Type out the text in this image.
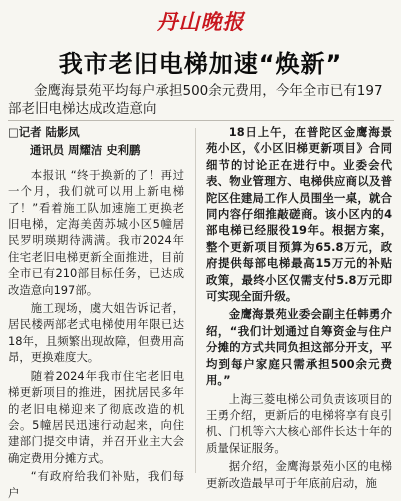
丹山晚报
我市老旧电梯加速“焕新”
金鹰海景苑平均每户承担500余元费用，今年全市已有197部老旧电梯达成改造意向

□记者 陆影凤

通讯员 周耀洁 史利鹏

本报讯 “终于换新的了！再过一个月，我们就可以用上新电梯了！”看着施工队加速施工更换老旧电梯，定海美茵苏城小区5幢居民罗明瑛期待满满。我市2024年住宅老旧电梯更新全面推进，目前全市已有210部目标任务，已达成改造意向197部。

施工现场，虞大姐告诉记者，居民楼两部老式电梯使用年限已达18年，且频繁出现故障，但费用高昂，更换难度大。

随着2024年我市住宅老旧电梯更新项目的推进，困扰居民多年的老旧电梯迎来了彻底改造的机会。5幢居民迅速行动起来，向住建部门提交申请，并召开业主大会确定费用分摊方式。

“有政府给我们补贴，我们每户

18日上午，在普陀区金鹰海景苑小区，《小区旧梯更新项目》合同细节的讨论正在进行中。业委会代表、物业管理方、电梯供应商以及普陀区住建局工作人员围坐一桌，就合同内容仔细推敲磋商。该小区内的4部电梯已经服役19年。根据方案，整个更新项目预算为65.8万元，政府提供每部电梯最高15万元的补贴政策，最终小区仅需支付5.8万元即可实现全面升级。

金鹰海景苑业委会副主任韩勇介绍，“我们计划通过自筹资金与住户分摊的方式共同负担这部分开支，平均到每户家庭只需承担500余元费用。”

上海三菱电梯公司负责该项目的王勇介绍，更新后的电梯将享有良引机、门机等六大核心部件长达十年的质量保证服务。

据介绍，金鹰海景苑小区的电梯更新改造最早可于年底前启动，施
